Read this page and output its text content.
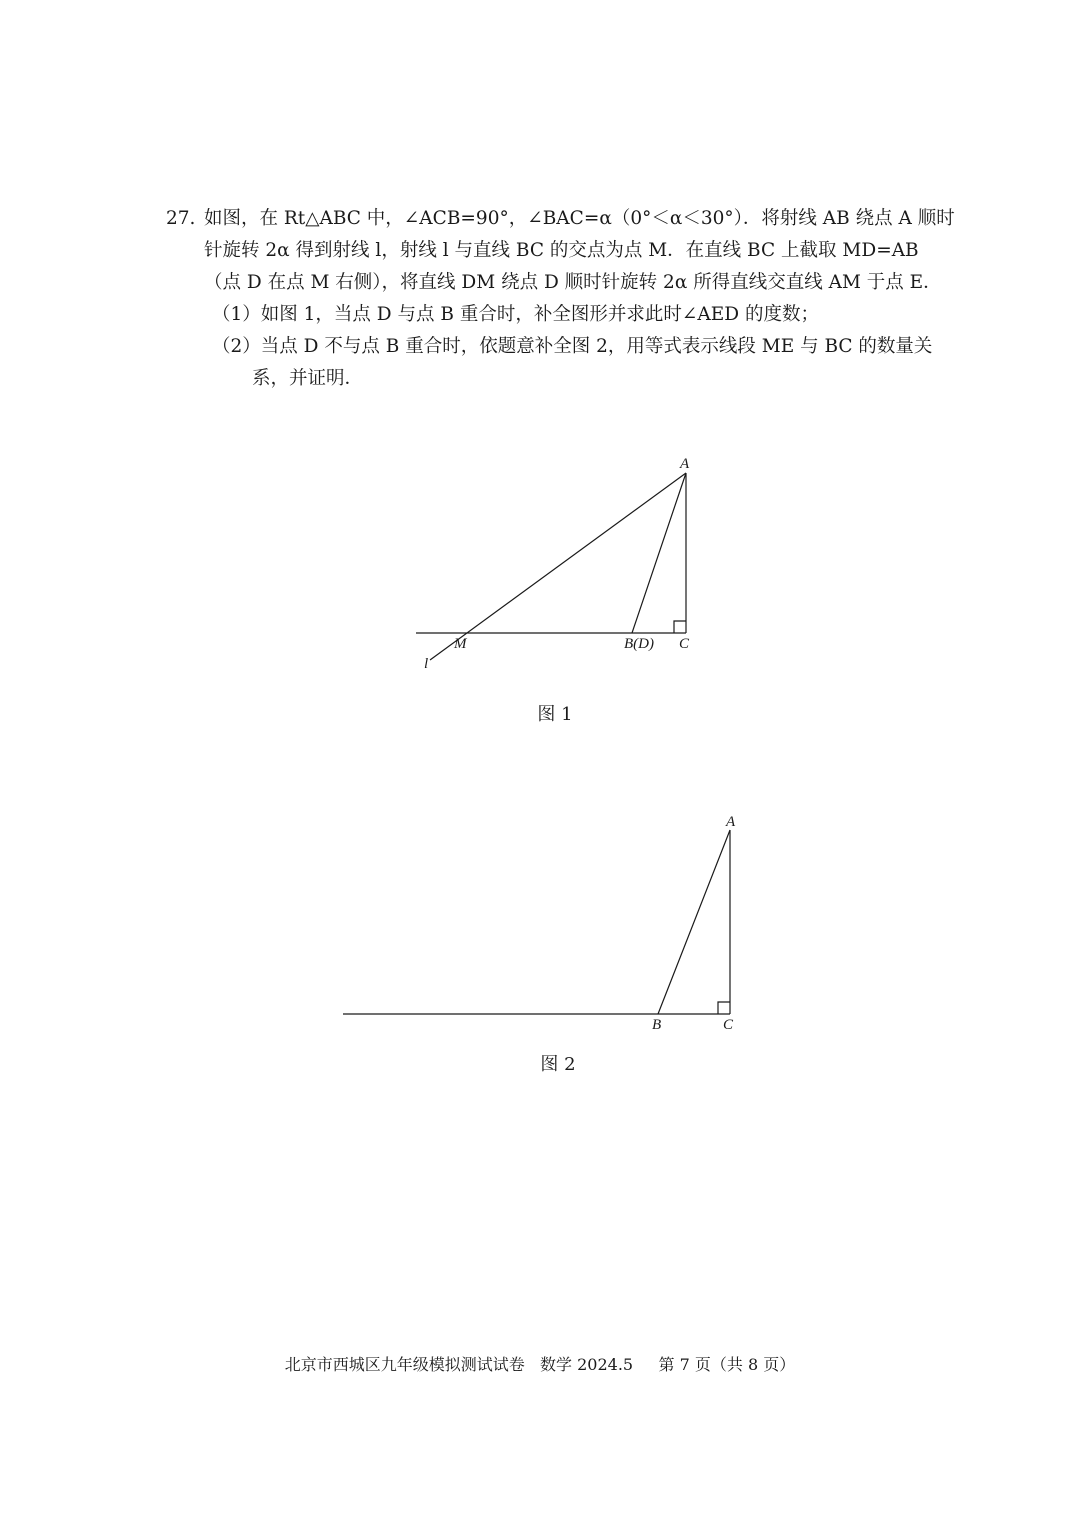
27. 如图，在 Rt△ABC 中，∠ACB=90°，∠BAC=α（0°＜α＜30°）．将射线 AB 绕点 A 顺时
针旋转 2α 得到射线 l，射线 l 与直线 BC 的交点为点 M．在直线 BC 上截取 MD=AB
（点 D 在点 M 右侧），将直线 DM 绕点 D 顺时针旋转 2α 所得直线交直线 AM 于点 E．
（1）如图 1，当点 D 与点 B 重合时，补全图形并求此时∠AED 的度数；
（2）当点 D 不与点 B 重合时，依题意补全图 2，用等式表示线段 ME 与 BC 的数量关
系，并证明．
A
M
l
B(D) C
图 1
A
B	C
图 2
北京市西城区九年级模拟测试试卷   数学 2024.5     第 7 页（共 8 页）
